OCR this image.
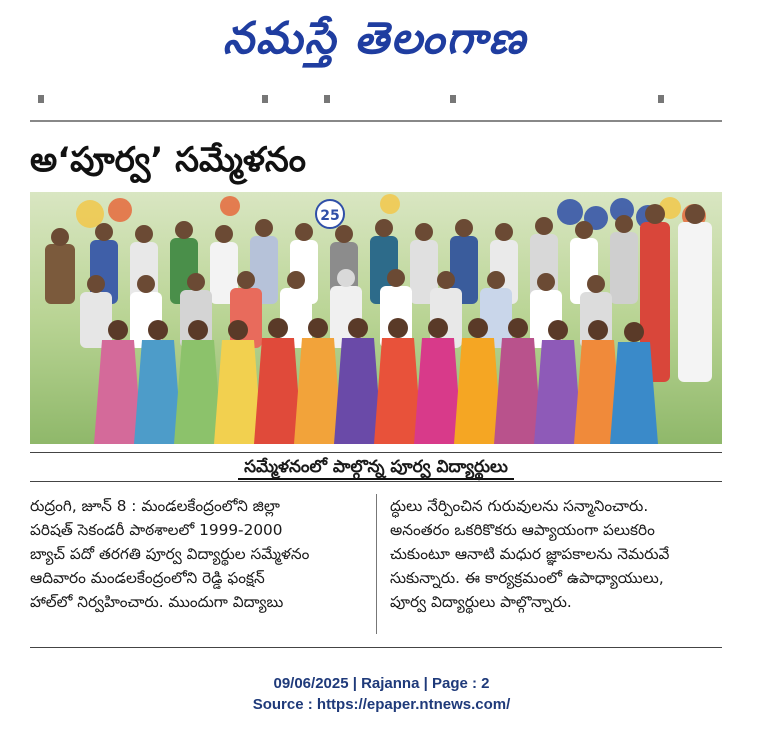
నమస్తే తెలంగాణ
అ‘పూర్వ’ సమ్మేళనం
25
సమ్మేళనంలో పాల్గొన్న పూర్వ విద్యార్థులు
రుద్రంగి, జూన్ 8 : మండలకేంద్రంలోని జిల్లా
పరిషత్ సెకండరీ పాఠశాలలో 1999-2000
బ్యాచ్ పదో తరగతి పూర్వ విద్యార్థుల సమ్మేళనం
ఆదివారం మండలకేంద్రంలోని రెడ్డి ఫంక్షన్
హాల్‌లో నిర్వహించారు. ముందుగా విద్యాబు
ద్ధులు నేర్పించిన గురువులను సన్మానించారు.
అనంతరం ఒకరికొకరు ఆప్యాయంగా పలుకరిం
చుకుంటూ ఆనాటి మధుర జ్ఞాపకాలను నెమరువే
సుకున్నారు. ఈ కార్యక్రమంలో ఉపాధ్యాయులు,
పూర్వ విద్యార్థులు పాల్గొన్నారు.
09/06/2025 | Rajanna | Page : 2
Source : https://epaper.ntnews.com/
